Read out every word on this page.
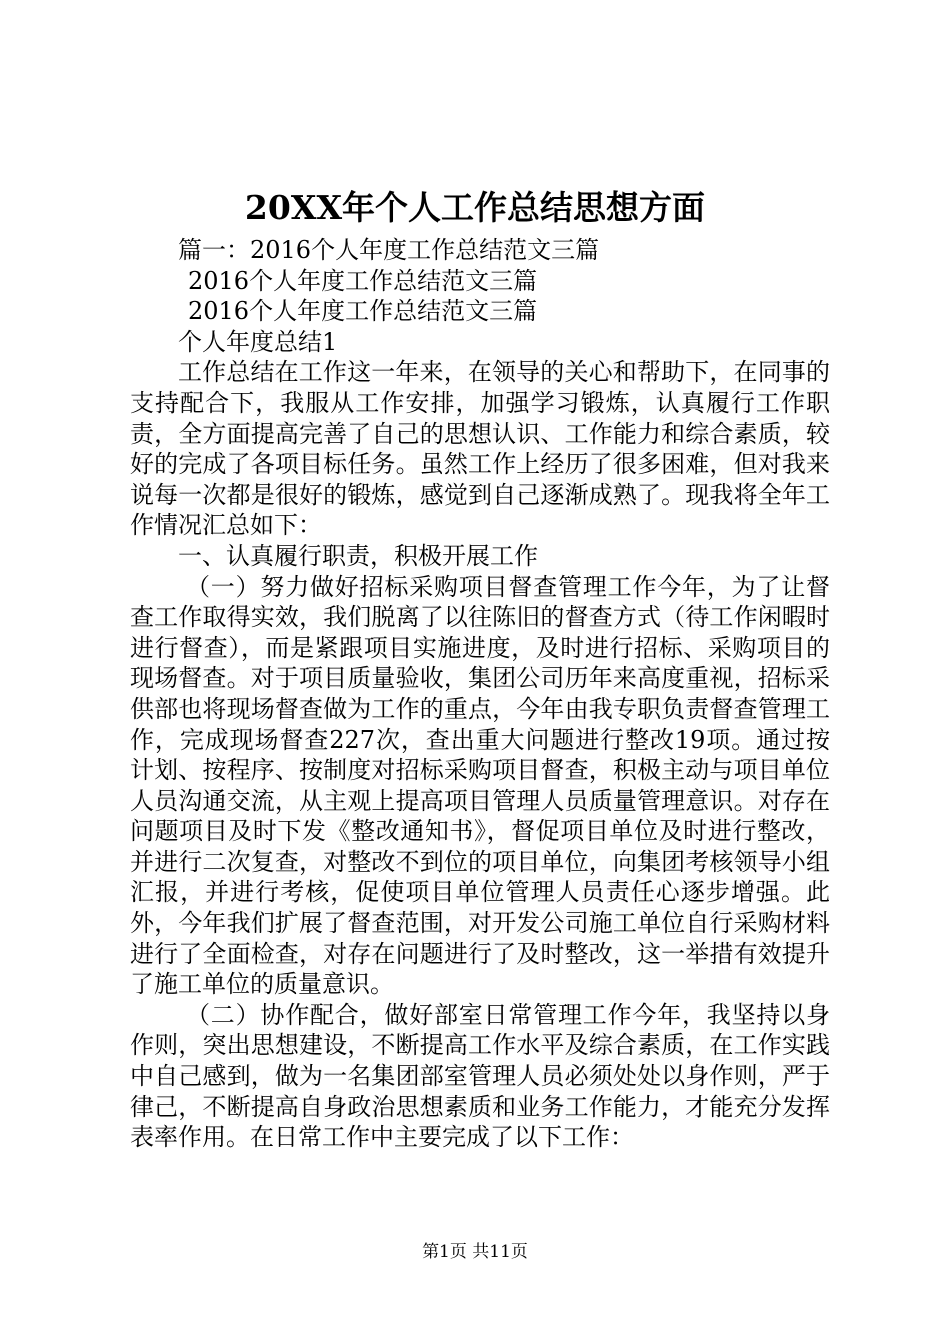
20XX年个人工作总结思想方面

篇一：2016个人年度工作总结范文三篇

2016个人年度工作总结范文三篇

2016个人年度工作总结范文三篇

个人年度总结1

工作总结在工作这一年来，在领导的关心和帮助下，在同事的支持配合下，我服从工作安排，加强学习锻炼，认真履行工作职责，全方面提高完善了自己的思想认识、工作能力和综合素质，较好的完成了各项目标任务。虽然工作上经历了很多困难，但对我来说每一次都是很好的锻炼，感觉到自己逐渐成熟了。现我将全年工作情况汇总如下：

一、认真履行职责，积极开展工作

（一）努力做好招标采购项目督查管理工作今年，为了让督查工作取得实效，我们脱离了以往陈旧的督查方式（待工作闲暇时进行督查），而是紧跟项目实施进度，及时进行招标、采购项目的现场督查。对于项目质量验收，集团公司历年来高度重视，招标采供部也将现场督查做为工作的重点，今年由我专职负责督查管理工作，完成现场督查227次，查出重大问题进行整改19项。通过按计划、按程序、按制度对招标采购项目督查，积极主动与项目单位人员沟通交流，从主观上提高项目管理人员质量管理意识。对存在问题项目及时下发《整改通知书》，督促项目单位及时进行整改，并进行二次复查，对整改不到位的项目单位，向集团考核领导小组汇报，并进行考核，促使项目单位管理人员责任心逐步增强。此外，今年我们扩展了督查范围，对开发公司施工单位自行采购材料进行了全面检查，对存在问题进行了及时整改，这一举措有效提升了施工单位的质量意识。

（二）协作配合，做好部室日常管理工作今年，我坚持以身作则，突出思想建设，不断提高工作水平及综合素质，在工作实践中自己感到，做为一名集团部室管理人员必须处处以身作则，严于律己，不断提高自身政治思想素质和业务工作能力，才能充分发挥表率作用。在日常工作中主要完成了以下工作：

第1页 共11页
